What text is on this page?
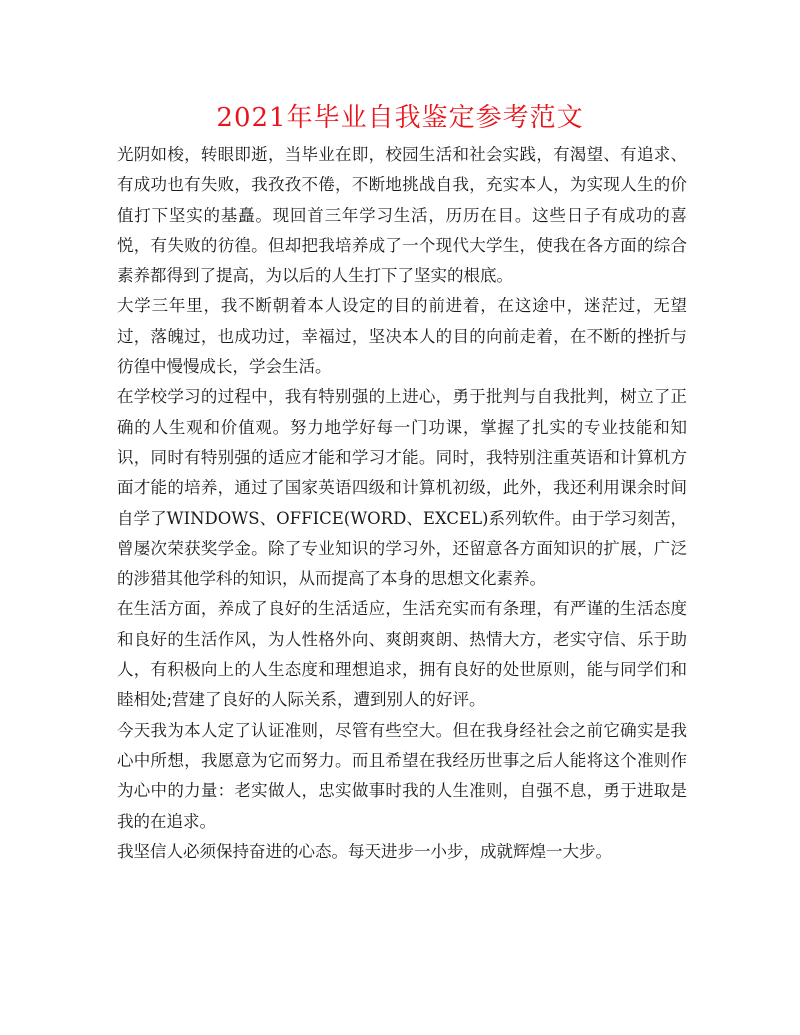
2021年毕业自我鉴定参考范文

光阴如梭，转眼即逝，当毕业在即，校园生活和社会实践，有渴望、有追求、有成功也有失败，我孜孜不倦，不断地挑战自我，充实本人，为实现人生的价值打下坚实的基矗。现回首三年学习生活，历历在目。这些日子有成功的喜悦，有失败的彷徨。但却把我培养成了一个现代大学生，使我在各方面的综合素养都得到了提高，为以后的人生打下了坚实的根底。

大学三年里，我不断朝着本人设定的目的前进着，在这途中，迷茫过，无望过，落魄过，也成功过，幸福过，坚决本人的目的向前走着，在不断的挫折与彷徨中慢慢成长，学会生活。

在学校学习的过程中，我有特别强的上进心，勇于批判与自我批判，树立了正确的人生观和价值观。努力地学好每一门功课，掌握了扎实的专业技能和知识，同时有特别强的适应才能和学习才能。同时，我特别注重英语和计算机方面才能的培养，通过了国家英语四级和计算机初级，此外，我还利用课余时间自学了WINDOWS、OFFICE(WORD、EXCEL)系列软件。由于学习刻苦，曾屡次荣获奖学金。除了专业知识的学习外，还留意各方面知识的扩展，广泛的涉猎其他学科的知识，从而提高了本身的思想文化素养。

在生活方面，养成了良好的生活适应，生活充实而有条理，有严谨的生活态度和良好的生活作风，为人性格外向、爽朗爽朗、热情大方，老实守信、乐于助人，有积极向上的人生态度和理想追求，拥有良好的处世原则，能与同学们和睦相处;营建了良好的人际关系，遭到别人的好评。

今天我为本人定了认证准则，尽管有些空大。但在我身经社会之前它确实是我心中所想，我愿意为它而努力。而且希望在我经历世事之后人能将这个准则作为心中的力量：老实做人，忠实做事时我的人生准则，自强不息，勇于进取是我的在追求。

我坚信人必须保持奋进的心态。每天进步一小步，成就辉煌一大步。
